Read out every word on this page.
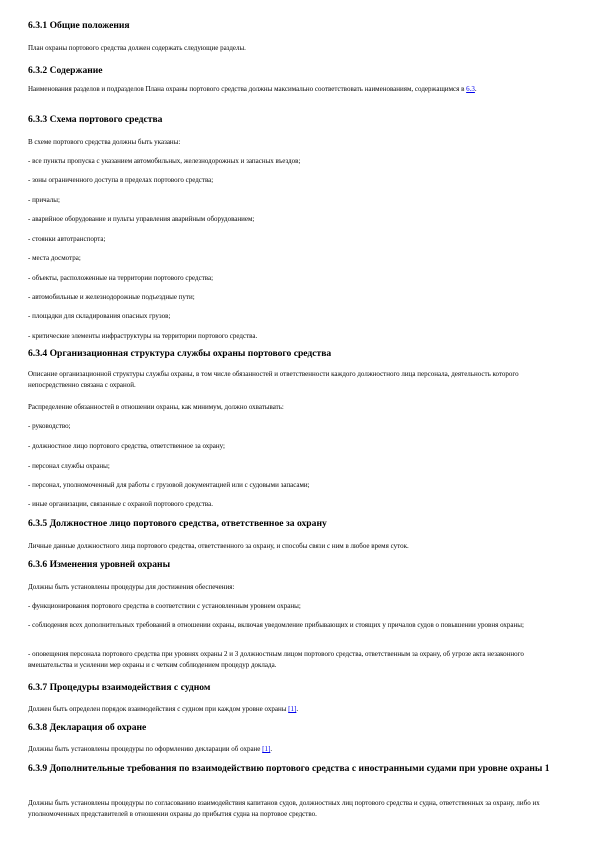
6.3.1 Общие положения
План охраны портового средства должен содержать следующие разделы.
6.3.2 Содержание
Наименования разделов и подразделов Плана охраны портового средства должны максимально соответствовать наименованиям, содержащимся в 6.3.
6.3.3 Схема портового средства
В схеме портового средства должны быть указаны:
- все пункты пропуска с указанием автомобильных, железнодорожных и запасных въездов;
- зоны ограниченного доступа в пределах портового средства;
- причалы;
- аварийное оборудование и пульты управления аварийным оборудованием;
- стоянки автотранспорта;
- места досмотра;
- объекты, расположенные на территории портового средства;
- автомобильные и железнодорожные подъездные пути;
- площадки для складирования опасных грузов;
- критические элементы инфраструктуры на территории портового средства.
6.3.4 Организационная структура службы охраны портового средства
Описание организационной структуры службы охраны, в том числе обязанностей и ответственности каждого должностного лица персонала, деятельность которого непосредственно связана с охраной.
Распределение обязанностей в отношении охраны, как минимум, должно охватывать:
- руководство;
- должностное лицо портового средства, ответственное за охрану;
- персонал службы охраны;
- персонал, уполномоченный для работы с грузовой документацией или с судовыми запасами;
- иные организации, связанные с охраной портового средства.
6.3.5 Должностное лицо портового средства, ответственное за охрану
Личные данные должностного лица портового средства, ответственного за охрану, и способы связи с ним в любое время суток.
6.3.6 Изменения уровней охраны
Должны быть установлены процедуры для достижения обеспечения:
- функционирования портового средства в соответствии с установленным уровнем охраны;
- соблюдения всех дополнительных требований в отношении охраны, включая уведомление прибывающих и стоящих у причалов судов о повышении уровня охраны;
- оповещения персонала портового средства при уровнях охраны 2 и 3 должностным лицом портового средства, ответственным за охрану, об угрозе акта незаконного вмешательства и усилении мер охраны и с четким соблюдением процедур доклада.
6.3.7 Процедуры взаимодействия с судном
Должен быть определен порядок взаимодействия с судном при каждом уровне охраны [1].
6.3.8 Декларация об охране
Должны быть установлены процедуры по оформлению декларации об охране [1].
6.3.9 Дополнительные требования по взаимодействию портового средства с иностранными судами при уровне охраны 1
Должны быть установлены процедуры по согласованию взаимодействия капитанов судов, должностных лиц портового средства и судна, ответственных за охрану, либо их уполномоченных представителей в отношении охраны до прибытия судна на портовое средство.
